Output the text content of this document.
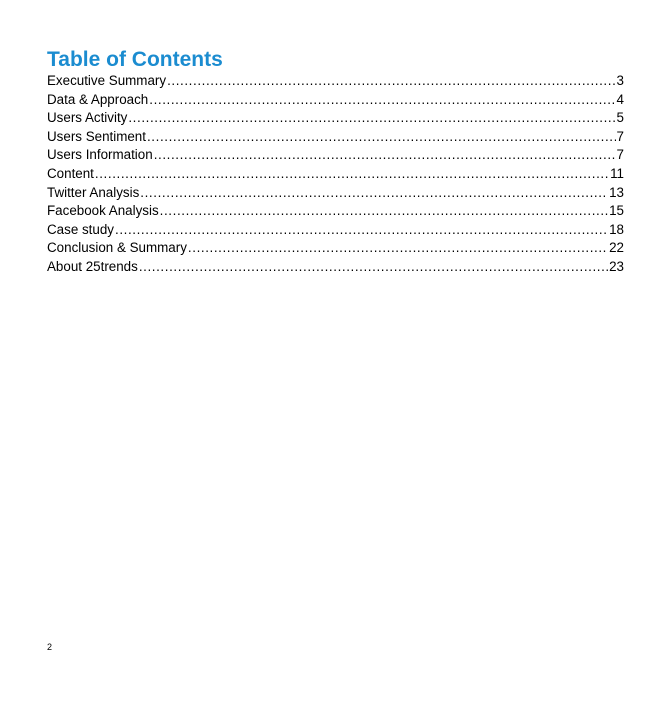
Table of Contents
Executive Summary .....	3
Data & Approach .....	4
Users Activity .....	5
Users Sentiment .....	7
Users Information .....	7
Content .....	11
Twitter Analysis .....	13
Facebook Analysis .....	15
Case study .....	18
Conclusion & Summary .....	22
About 25trends .....	23
2
